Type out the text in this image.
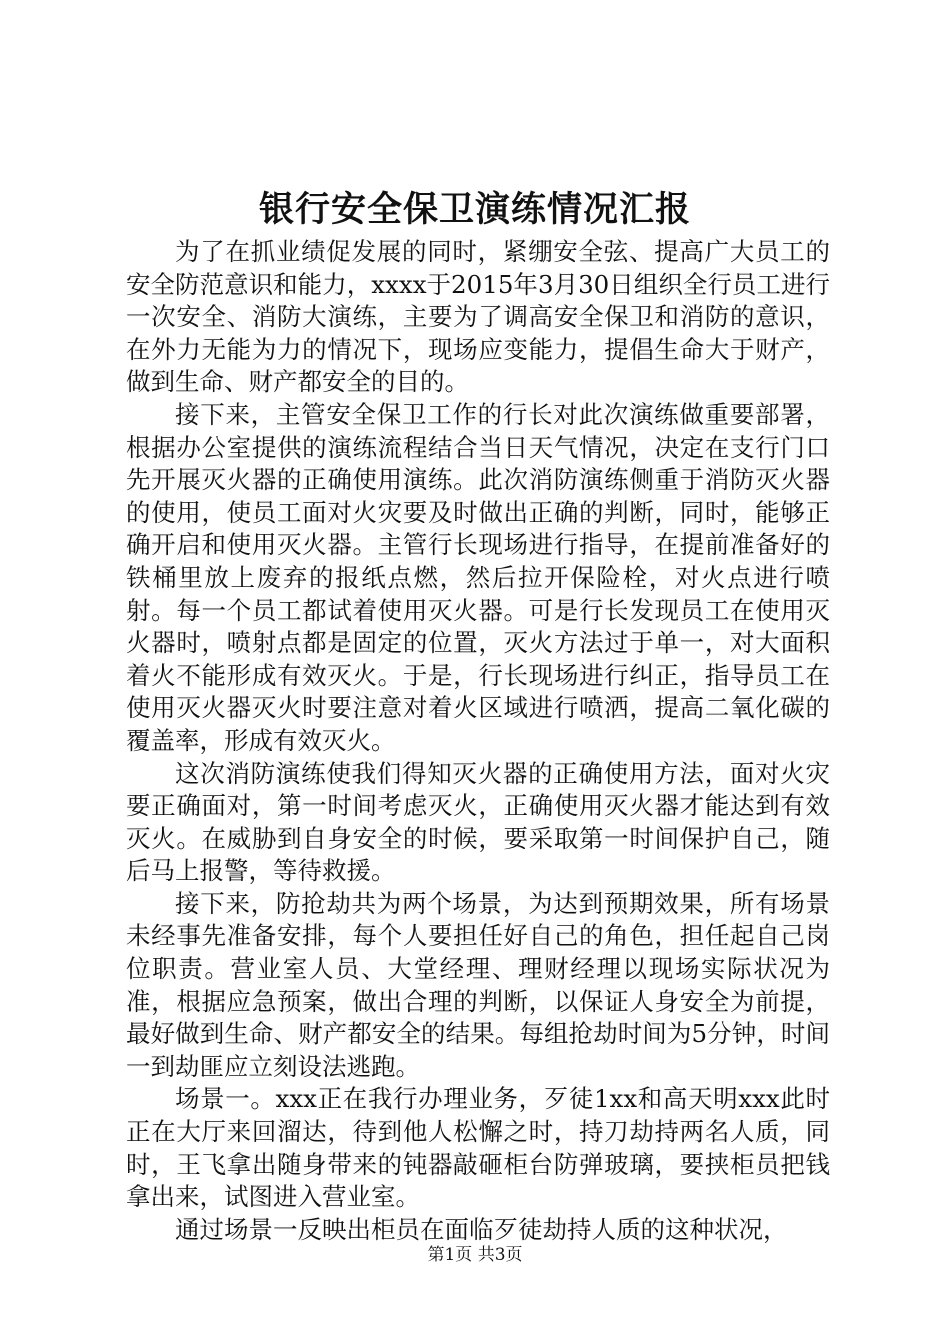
银行安全保卫演练情况汇报

为了在抓业绩促发展的同时，紧绷安全弦、提高广大员工的安全防范意识和能力，xxxx于2015年3月30日组织全行员工进行一次安全、消防大演练，主要为了调高安全保卫和消防的意识，在外力无能为力的情况下，现场应变能力，提倡生命大于财产，做到生命、财产都安全的目的。

接下来，主管安全保卫工作的行长对此次演练做重要部署，根据办公室提供的演练流程结合当日天气情况，决定在支行门口先开展灭火器的正确使用演练。此次消防演练侧重于消防灭火器的使用，使员工面对火灾要及时做出正确的判断，同时，能够正确开启和使用灭火器。主管行长现场进行指导，在提前准备好的铁桶里放上废弃的报纸点燃，然后拉开保险栓，对火点进行喷射。每一个员工都试着使用灭火器。可是行长发现员工在使用灭火器时，喷射点都是固定的位置，灭火方法过于单一，对大面积着火不能形成有效灭火。于是，行长现场进行纠正，指导员工在使用灭火器灭火时要注意对着火区域进行喷洒，提高二氧化碳的覆盖率，形成有效灭火。

这次消防演练使我们得知灭火器的正确使用方法，面对火灾要正确面对，第一时间考虑灭火，正确使用灭火器才能达到有效灭火。在威胁到自身安全的时候，要采取第一时间保护自己，随后马上报警，等待救援。

接下来，防抢劫共为两个场景，为达到预期效果，所有场景未经事先准备安排，每个人要担任好自己的角色，担任起自己岗位职责。营业室人员、大堂经理、理财经理以现场实际状况为准，根据应急预案，做出合理的判断，以保证人身安全为前提，最好做到生命、财产都安全的结果。每组抢劫时间为5分钟，时间一到劫匪应立刻设法逃跑。

场景一。xxx正在我行办理业务，歹徒1xx和高天明xxx此时正在大厅来回溜达，待到他人松懈之时，持刀劫持两名人质，同时，王飞拿出随身带来的钝器敲砸柜台防弹玻璃，要挟柜员把钱拿出来，试图进入营业室。

通过场景一反映出柜员在面临歹徒劫持人质的这种状况，

第1页 共3页
